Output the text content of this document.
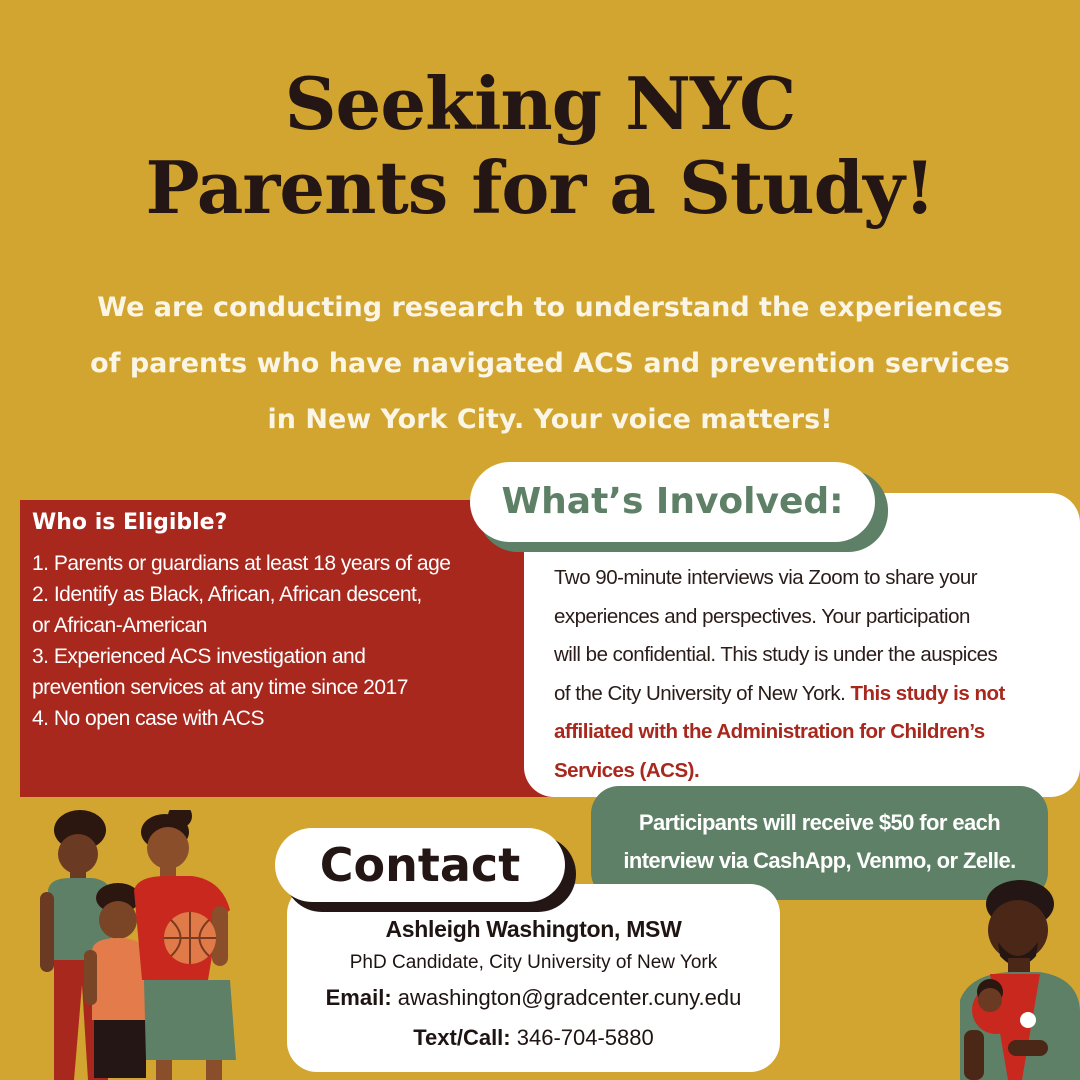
Seeking NYC
Parents for a Study!
We are conducting research to understand the experiences
of parents who have navigated ACS and prevention services
in New York City. Your voice matters!
Who is Eligible?
1. Parents or guardians at least 18 years of age
2. Identify as Black, African, African descent,
or African-American
3. Experienced ACS investigation and
prevention services at any time since 2017
4. No open case with ACS
Two 90-minute interviews via Zoom to share your
experiences and perspectives. Your participation
will be confidential. This study is under the auspices
of the City University of New York. This study is not
affiliated with the Administration for Children’s
Services (ACS).
What’s Involved:
Participants will receive $50 for each
interview via CashApp, Venmo, or Zelle.
Ashleigh Washington, MSW
PhD Candidate, City University of New York
Email: awashington@gradcenter.cuny.edu
Text/Call: 346-704-5880
Contact
